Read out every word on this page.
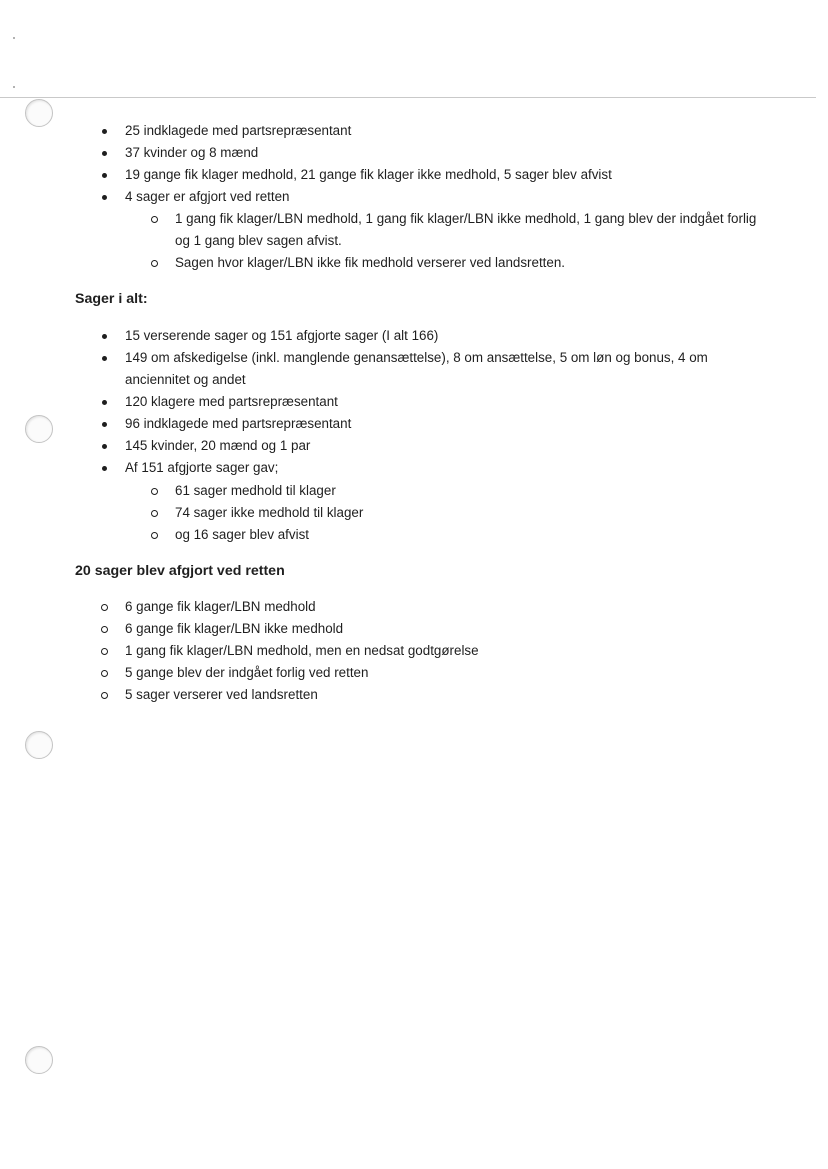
25 indklagede med partsrepræsentant
37 kvinder og 8 mænd
19 gange fik klager medhold, 21 gange fik klager ikke medhold, 5 sager blev afvist
4 sager er afgjort ved retten
1 gang fik klager/LBN medhold, 1 gang fik klager/LBN ikke medhold, 1 gang blev der indgået forlig og 1 gang blev sagen afvist.
Sagen hvor klager/LBN ikke fik medhold verserer ved landsretten.
Sager i alt:
15 verserende sager og 151 afgjorte sager (I alt 166)
149 om afskedigelse (inkl. manglende genansættelse), 8 om ansættelse, 5 om løn og bonus, 4 om anciennitet og andet
120 klagere med partsrepræsentant
96 indklagede med partsrepræsentant
145 kvinder, 20 mænd og 1 par
Af 151 afgjorte sager gav;
61 sager medhold til klager
74 sager ikke medhold til klager
og 16 sager blev afvist
20 sager blev afgjort ved retten
6 gange fik klager/LBN medhold
6 gange fik klager/LBN ikke medhold
1 gang fik klager/LBN medhold, men en nedsat godtgørelse
5 gange blev der indgået forlig ved retten
5 sager verserer ved landsretten
